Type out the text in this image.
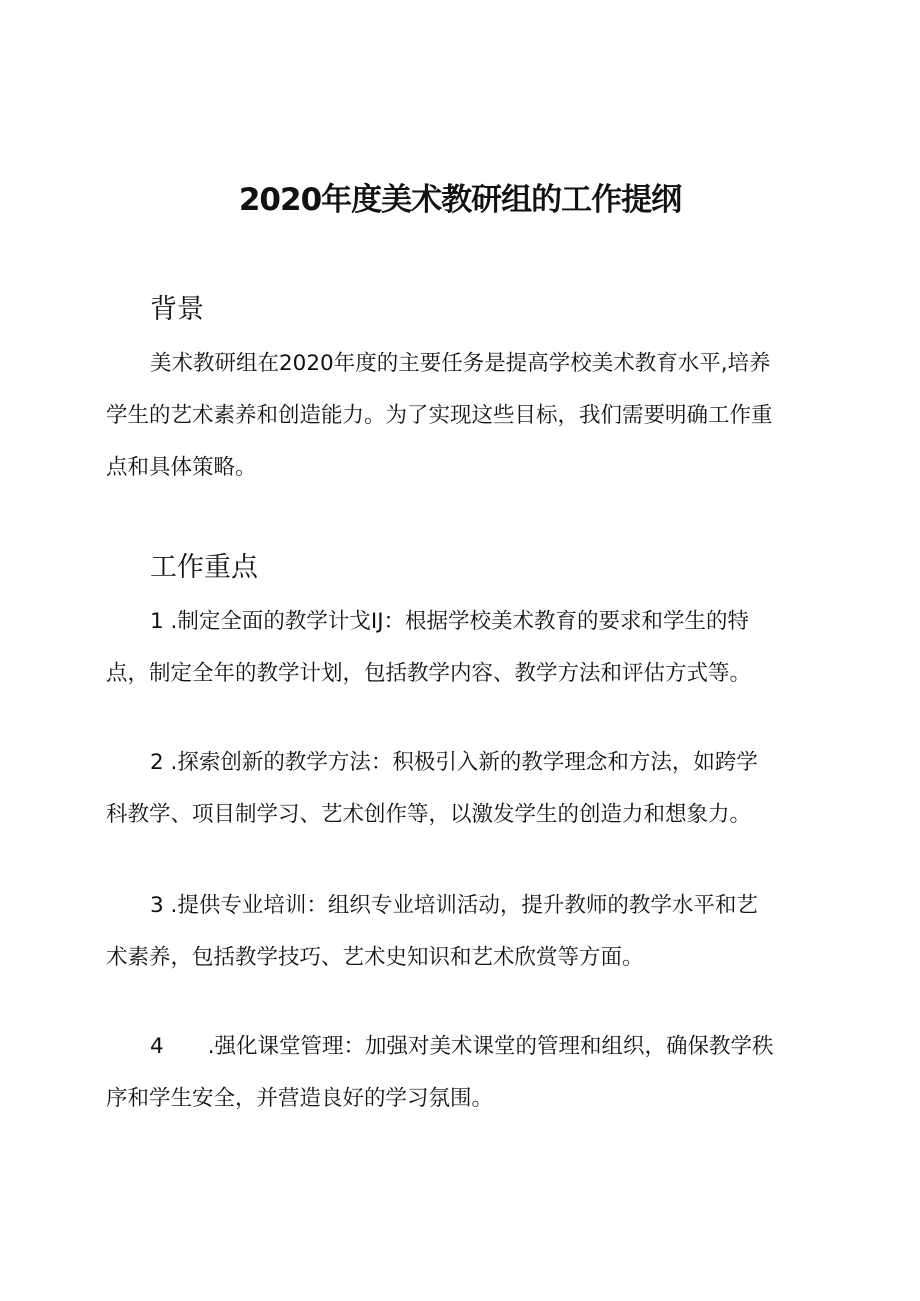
2020年度美术教研组的工作提纲
背景

美术教研组在2020年度的主要任务是提高学校美术教育水平,培养
学生的艺术素养和创造能力。为了实现这些目标，我们需要明确工作重
点和具体策略。

工作重点

1 .制定全面的教学计戈IJ：根据学校美术教育的要求和学生的特
点，制定全年的教学计划，包括教学内容、教学方法和评估方式等。

2 .探索创新的教学方法：积极引入新的教学理念和方法，如跨学
科教学、项目制学习、艺术创作等，以激发学生的创造力和想象力。

3 .提供专业培训：组织专业培训活动，提升教师的教学水平和艺
术素养，包括教学技巧、艺术史知识和艺术欣赏等方面。

4 .强化课堂管理：加强对美术课堂的管理和组织，确保教学秩
序和学生安全，并营造良好的学习氛围。
